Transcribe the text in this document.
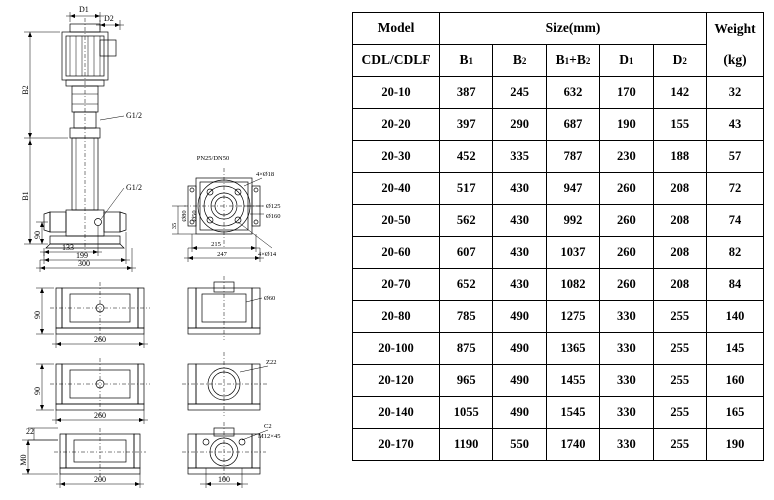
G1/2
G1/2
D1
D2
B2
B1
90
133
199
300
PN25/DN50
4×Ø18
4×Ø14
Ø80 Ø50
Ø125
Ø160
35
215
247
90
260
Ø60
90
260
Z22
22
M0
200
C2
M12×45
100
Model	Size(mm)					Weight
CDL/CDLF	B1	B2	B1+B2	D1	D2	(kg)
20-10	387	245	632	170	142	32
20-20	397	290	687	190	155	43
20-30	452	335	787	230	188	57
20-40	517	430	947	260	208	72
20-50	562	430	992	260	208	74
20-60	607	430	1037	260	208	82
20-70	652	430	1082	260	208	84
20-80	785	490	1275	330	255	140
20-100	875	490	1365	330	255	145
20-120	965	490	1455	330	255	160
20-140	1055	490	1545	330	255	165
20-170	1190	550	1740	330	255	190
